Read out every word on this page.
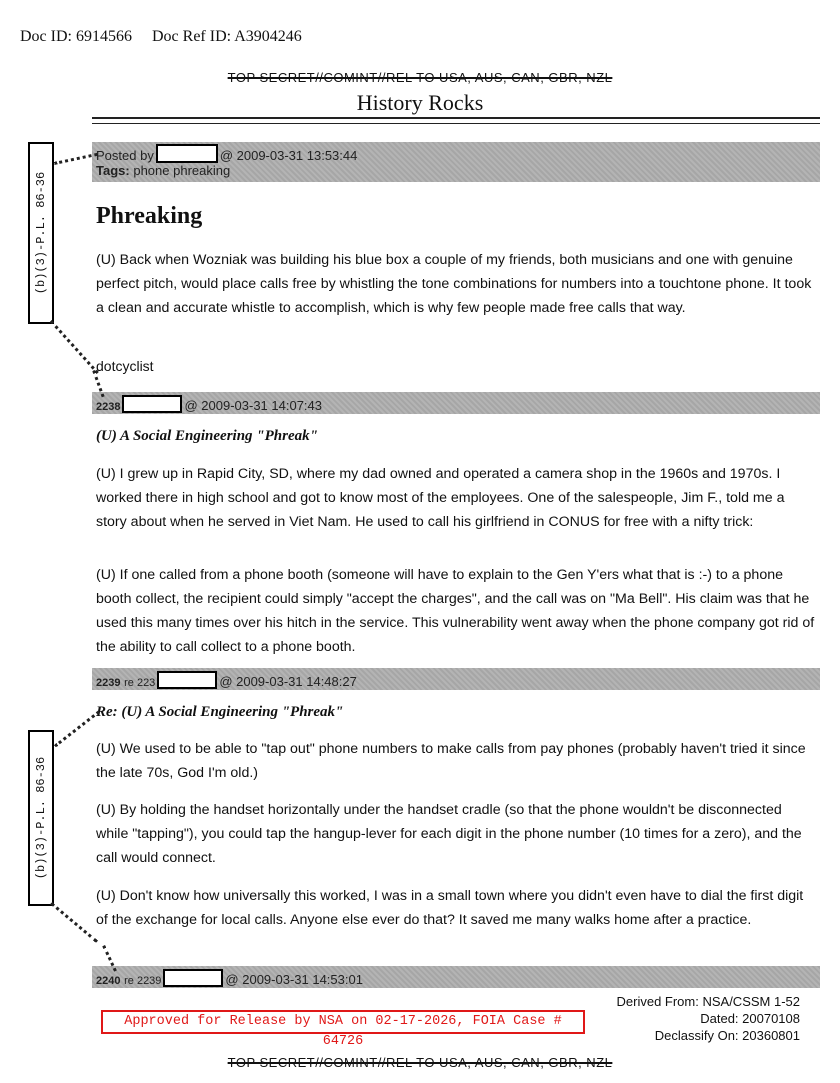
Doc ID: 6914566 Doc Ref ID: A3904246
TOP SECRET//COMINT//REL TO USA, AUS, CAN, GBR, NZL
History Rocks
Posted by	@ 2009-03-31 13:53:44
Tags: phone phreaking
Phreaking
(U) Back when Wozniak was building his blue box a couple of my friends, both musicians and one with genuine perfect pitch, would place calls free by whistling the tone combinations for numbers into a touchtone phone. It took a clean and accurate whistle to accomplish, which is why few people made free calls that way.
dotcyclist
2238	@ 2009-03-31 14:07:43
(U) A Social Engineering "Phreak"
(U) I grew up in Rapid City, SD, where my dad owned and operated a camera shop in the 1960s and 1970s. I worked there in high school and got to know most of the employees. One of the salespeople, Jim F., told me a story about when he served in Viet Nam. He used to call his girlfriend in CONUS for free with a nifty trick:
(U) If one called from a phone booth (someone will have to explain to the Gen Y'ers what that is :-) to a phone booth collect, the recipient could simply "accept the charges", and the call was on "Ma Bell". His claim was that he used this many times over his hitch in the service. This vulnerability went away when the phone company got rid of the ability to call collect to a phone booth.
2239 re 223	@ 2009-03-31 14:48:27
Re: (U) A Social Engineering "Phreak"
(U) We used to be able to "tap out" phone numbers to make calls from pay phones (probably haven't tried it since the late 70s, God I'm old.)
(U) By holding the handset horizontally under the handset cradle (so that the phone wouldn't be disconnected while "tapping"), you could tap the hangup-lever for each digit in the phone number (10 times for a zero), and the call would connect.
(U) Don't know how universally this worked, I was in a small town where you didn't even have to dial the first digit of the exchange for local calls. Anyone else ever do that? It saved me many walks home after a practice.
2240 re 2239	@ 2009-03-31 14:53:01
(b)(3)-P.L. 86-36
(b)(3)-P.L. 86-36
Derived From: NSA/CSSM 1-52
Dated: 20070108
Declassify On: 20360801
Approved for Release by NSA on 02-17-2026, FOIA Case # 64726
TOP SECRET//COMINT//REL TO USA, AUS, CAN, GBR, NZL
